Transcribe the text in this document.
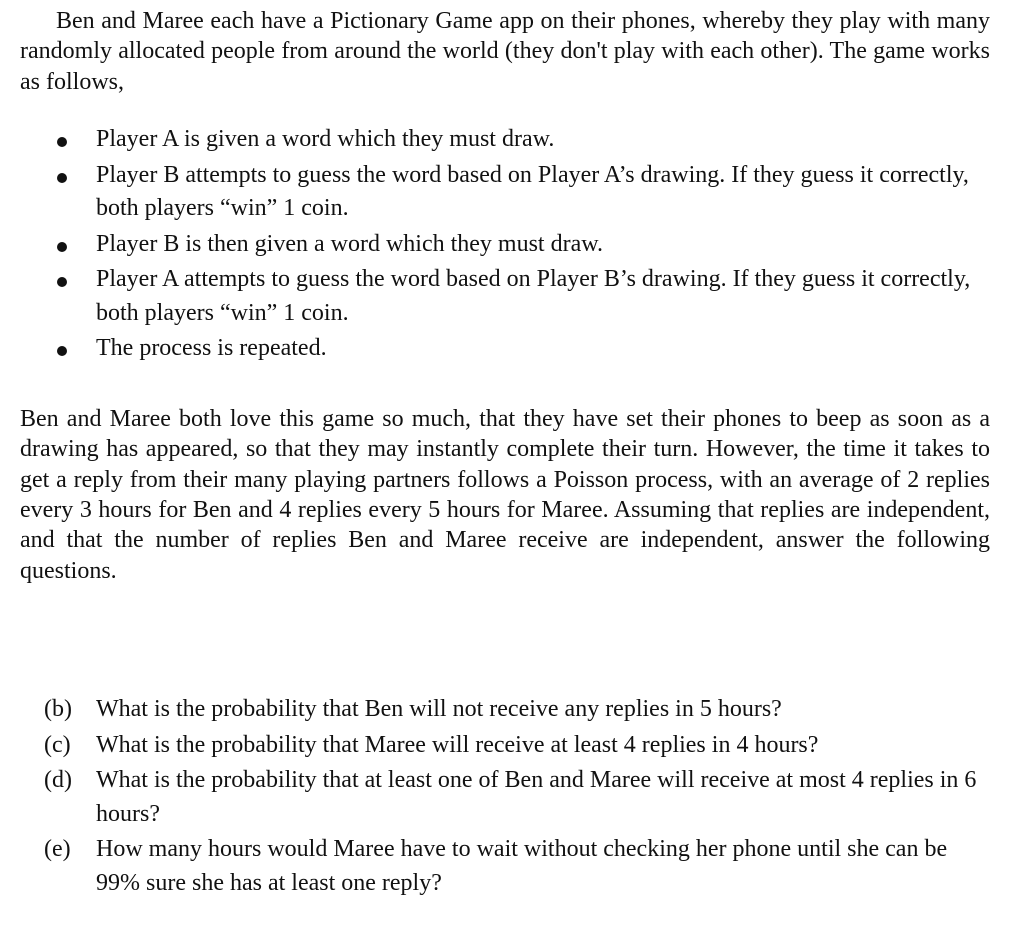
Ben and Maree each have a Pictionary Game app on their phones, whereby they play with many randomly allocated people from around the world (they don't play with each other). The game works as follows,

Player A is given a word which they must draw.
Player B attempts to guess the word based on Player A’s drawing. If they guess it correctly, both players “win” 1 coin.
Player B is then given a word which they must draw.
Player A attempts to guess the word based on Player B’s drawing. If they guess it correctly, both players “win” 1 coin.
The process is repeated.

Ben and Maree both love this game so much, that they have set their phones to beep as soon as a drawing has appeared, so that they may instantly complete their turn. However, the time it takes to get a reply from their many playing partners follows a Poisson process, with an average of 2 replies every 3 hours for Ben and 4 replies every 5 hours for Maree. Assuming that replies are independent, and that the number of replies Ben and Maree receive are independent, answer the following questions.

(b) What is the probability that Ben will not receive any replies in 5 hours?
(c) What is the probability that Maree will receive at least 4 replies in 4 hours?
(d) What is the probability that at least one of Ben and Maree will receive at most 4 replies in 6 hours?
(e) How many hours would Maree have to wait without checking her phone until she can be 99% sure she has at least one reply?
